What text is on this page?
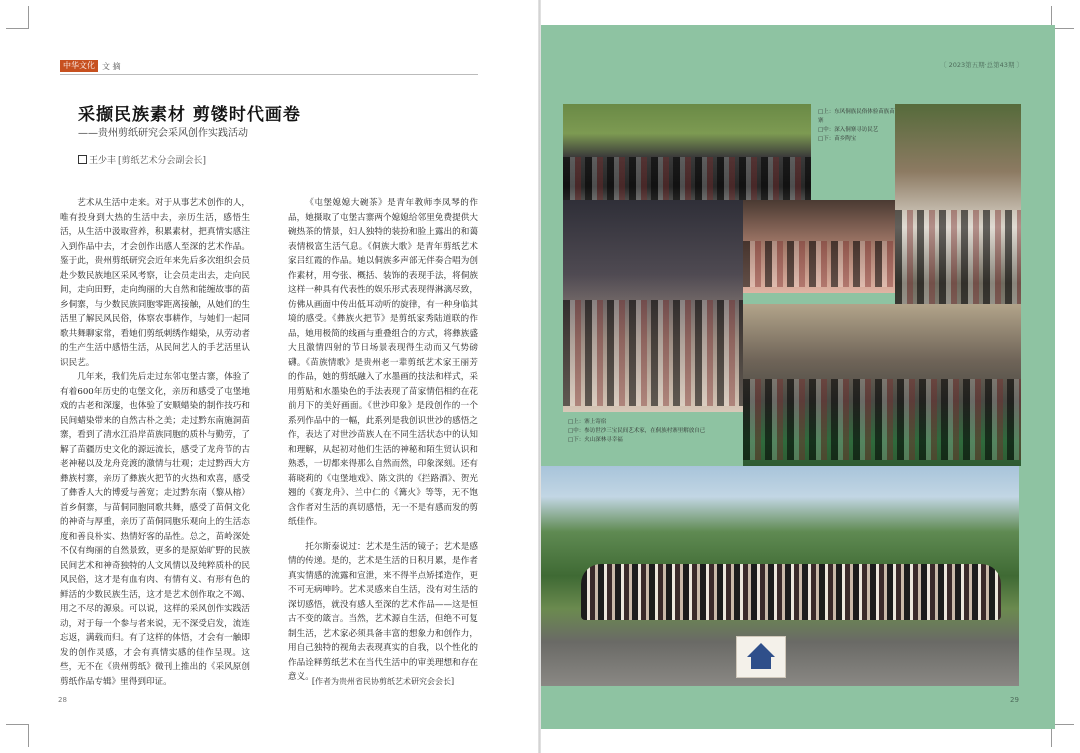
中华文化 文 摘
采撷民族素材 剪镂时代画卷
——贵州剪纸研究会采风创作实践活动
王少丰 [剪纸艺术分会副会长]

艺术从生活中走来。对于从事艺术创作的人，唯有投身到大热的生活中去，亲历生活，感悟生活，从生活中汲取营养，积累素材，把真情实感注入到作品中去，才会创作出感人至深的艺术作品。鉴于此，贵州剪纸研究会近年来先后多次组织会员赴少数民族地区采风考察，让会员走出去，走向民间，走向田野，走向绚丽的大自然和能缠故事的苗乡侗寨，与少数民族同胞零距离接触，从她们的生活里了解民风民俗，体察农事耕作，与她们一起同歌共舞聊家常，看她们剪纸刺绣作蜡染，从劳动者的生产生活中感悟生活，从民间艺人的手艺活里认识民艺。

几年来，我们先后走过东邻屯堡古寨，体验了有着600年历史的屯堡文化，亲历和感受了屯堡地戏的古老和深邃，也体验了安顺蜡染的制作技巧和民间蜡染带来的自然古朴之美；走过黔东南施洞苗寨，看到了清水江沿岸苗族同胞的质朴与勤劳，了解了苗疆历史文化的源远流长，感受了龙舟节的古老神秘以及龙舟竞渡的激情与壮观；走过黔西大方彝族村寨，亲历了彝族火把节的火热和欢喜，感受了彝香人大的博爱与善宽；走过黔东南（黎从榕）首乡侗寨，与苗侗同胞同歌共舞，感受了苗侗文化的神奇与厚重，亲历了苗侗同胞乐观向上的生活态度和善良朴实、热情好客的品性。总之，苗岭深处不仅有绚丽的自然景致，更多的是原始旷野的民族民间艺术和神奇独特的人文风情以及纯粹质朴的民风民俗，这才是有血有肉、有情有义、有形有色的鲜活的少数民族生活，这才是艺术创作取之不竭、用之不尽的源泉。可以说，这样的采风创作实践活动，对于每一个参与者来说，无不深受启发，流连忘返，满载而归。有了这样的体悟，才会有一触即发的创作灵感，才会有真情实感的佳作呈现。这些，无不在《贵州剪纸》微刊上推出的《采风原创剪纸作品专辑》里得到印证。

《屯堡媳媳大碗茶》是青年教师李凤琴的作品，她摄取了屯堡古寨两个媳媳给邻里免费提供大碗热茶的情景，妇人独特的装扮和脸上露出的和蔼表情极富生活气息。《侗族大歌》是青年剪纸艺术家吕红霞的作品。她以侗族多声部无伴奏合唱为创作素材，用夸张、概括、装饰的表现手法，将侗族这样一种具有代表性的娱乐形式表现得淋漓尽致，仿佛从画面中传出低耳动听的旋律，有一种身临其境的感受。《彝族火把节》是剪纸家秀陆道联的作品，她用极简的线画与重叠组合的方式，将彝族盛大且激情四射的节日场景表现得生动而又气势磅礴。《苗族情歌》是贵州老一辈剪纸艺术家王丽芳的作品，她的剪纸融入了水墨画的技法和样式，采用剪贴和水墨染色的手法表现了苗家情侣相约在花前月下的美好画面。《世沙印象》是段创作的一个系列作品中的一幅，此系列是我创识世沙的感悟之作，表达了对世沙苗族人在不同生活状态中的认知和理解，从起初对他们生活的神秘和陌生贸认识和熟悉，一切都来得那么自然而然，印象深刻。还有蒋晓莉的《屯堡地戏》、陈文洪的《拦路酒》、贺光翘的《赛龙舟》、兰中仁的《篝火》等等，无不饱含作者对生活的真切感悟，无一不是有感而发的剪纸佳作。

托尔斯泰说过：艺术是生活的镜子；艺术是感情的传递。是的，艺术是生活的日积月累，是作者真实情感的流露和宣泄，来不得半点矫揉造作，更不可无病呻吟。艺术灵感来自生活，没有对生活的深切感悟，就没有感人至深的艺术作品——这是恒古不变的箴言。当然，艺术源自生活，但绝不可复制生活，艺术家必须具备丰富的想象力和创作力，用自己独特的视角去表现真实的自我，以个性化的作品诠释剪纸艺术在当代生活中的审美理想和存在意义。

[作者为贵州省民协剪纸艺术研究会会长]
28
〔 2023第五期·总第43期 〕
□上：东风侗族民俗体验苗族苗寨
□中：深入侗寨寻访民艺
□下：苗乡陶宝
□上：寨上寄宿
□中：参访世沙三宝民间艺术家，在侗族村寨里解放自已
□下：火山深林寻幸福
29
